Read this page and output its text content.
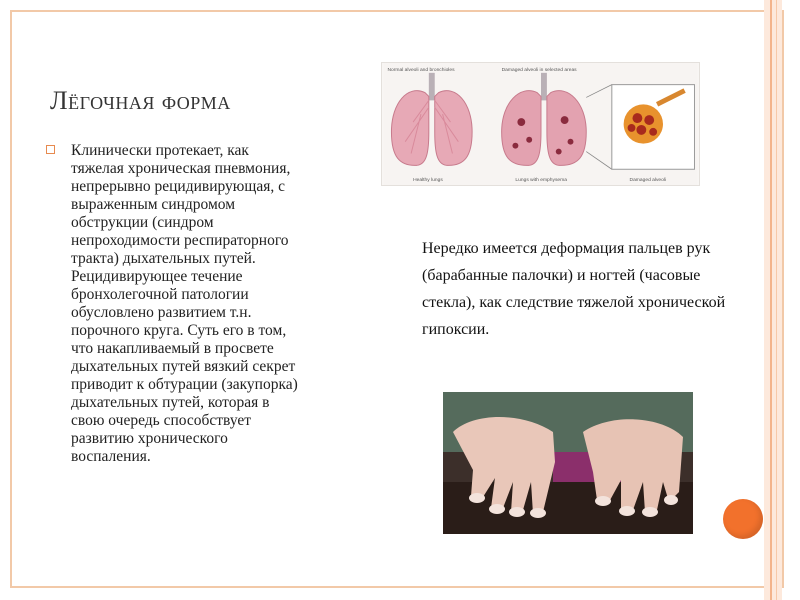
Лёгочная форма
Клинически протекает, как
тяжелая хроническая пневмония,
непрерывно рецидивирующая, с
выраженным синдромом
обструкции (синдром
непроходимости респираторного
тракта) дыхательных путей.
Рецидивирующее течение
бронхолегочной патологии
обусловлено развитием т.н.
порочного круга. Суть его в том,
что накапливаемый в просвете
дыхательных путей вязкий секрет
приводит к обтурации (закупорка)
дыхательных путей, которая в
свою очередь способствует
развитию хронического
воспаления.
Normal alveoli and bronchioles	Damaged alveoli in selected areas
Healthy lungs	Lungs with emphysema	Damaged alveoli
Нередко имеется деформация пальцев рук (барабанные палочки) и ногтей (часовые стекла), как следствие тяжелой хронической гипоксии.
